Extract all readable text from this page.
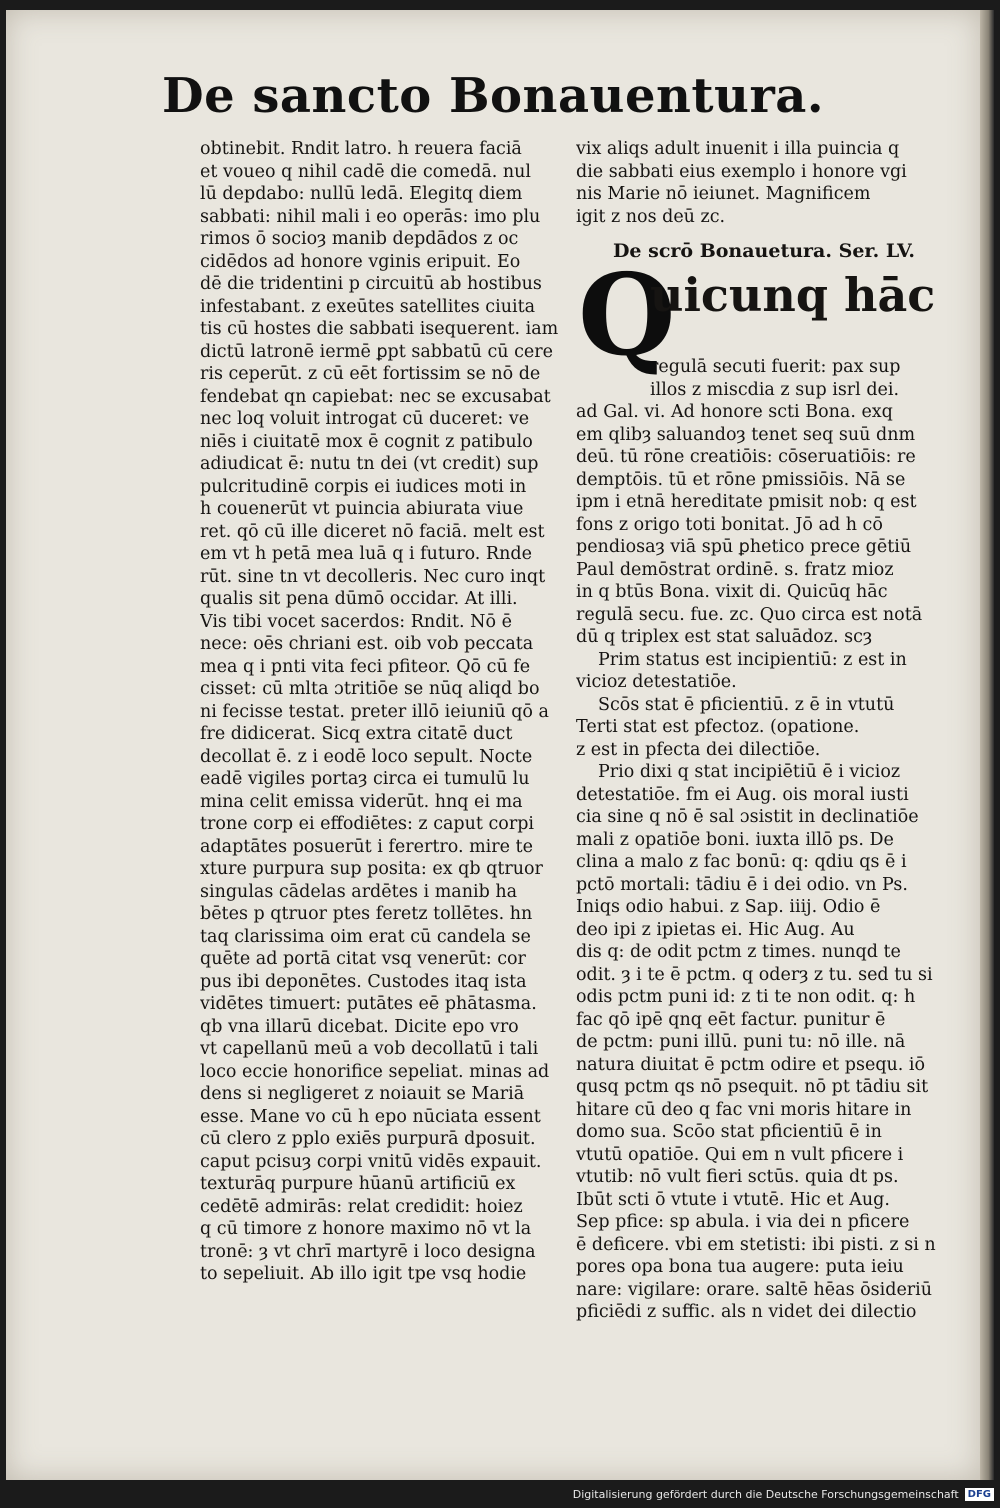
De sancto Bonauentura.
obtinebit. Rndit latro. h reuera faciā
et voueo q nihil cadē die comedā. nul
lū depdabo: nullū ledā. Elegitq diem
sabbati: nihil mali i eo operās: imo plu
rimos ō socioȝ manib depdādos z oc
cidēdos ad honore vginis eripuit. Eo
dē die tridentini p circuitū ab hostibus
infestabant. z exeūtes satellites ciuita
tis cū hostes die sabbati isequerent. iam
dictū latronē iermē ꝑpt sabbatū cū cere
ris ceperūt. z cū eēt fortissim se nō de
fendebat qn capiebat: nec se excusabat
nec loq voluit introgat cū duceret: ve
niēs i ciuitatē mox ē cognit z patibulo
adiudicat ē: nutu tn dei (vt credit) sup
pulcritudinē corpis ei iudices moti in
h couenerūt vt puincia abiurata viue
ret. qō cū ille diceret nō faciā. melt est
em vt h petā mea luā q i futuro. Rnde
rūt. sine tn vt decolleris. Nec curo inqt
qualis sit pena dūmō occidar. At illi.
Vis tibi vocet sacerdos: Rndit. Nō ē
nece: oēs chriani est. oib vob peccata
mea q i pnti vita feci pfiteor. Qō cū fe
cisset: cū mlta ɔtritiōe se nūq aliqd bo
ni fecisse testat. preter illō ieiuniū qō a
fre didicerat. Sicq extra citatē duct
decollat ē. z i eodē loco sepult. Nocte
eadē vigiles portaȝ circa ei tumulū lu
mina celit emissa viderūt. hnq ei ma
trone corp ei effodiētes: z caput corpi
adaptātes posuerūt i ferertro. mire te
xture purpura sup posita: ex qb qtruor
singulas cādelas ardētes i manib ha
bētes p qtruor ptes feretz tollētes. hn
taq clarissima oim erat cū candela se
quēte ad portā citat vsq venerūt: cor
pus ibi deponētes. Custodes itaq ista
vidētes timuert: putātes eē phātasma.
qb vna illarū dicebat. Dicite epo vro
vt capellanū meū a vob decollatū i tali
loco eccie honorifice sepeliat. minas ad
dens si negligeret z noiauit se Mariā
esse. Mane vo cū h epo nūciata essent
cū clero z pplo exiēs purpurā dposuit.
caput pcisuȝ corpi vnitū vidēs expauit.
texturāq purpure hūanū artificiū ex
cedētē admirās: relat credidit: hoiez
q cū timore z honore maximo nō vt la
tronē: ȝ vt chrī martyrē i loco designa
to sepeliuit. Ab illo igit tpe vsq hodie
vix aliqs adult inuenit i illa puincia q
die sabbati eius exemplo i honore vgi
nis Marie nō ieiunet. Magnificem
igit z nos deū zc.
De scrō Bonauetura. Ser. LV.
Q
uicunq hāc
regulā secuti fuerit: pax sup
illos z miscdia z sup isrl dei.
ad Gal. vi. Ad honore scti Bona. exq
em qlibȝ saluandoȝ tenet seq suū dnm
deū. tū rōne creatiōis: cōseruatiōis: re
demptōis. tū et rōne pmissiōis. Nā se
ipm i etnā hereditate pmisit nob: q est
fons z origo toti bonitat. Jō ad h cō
pendiosaȝ viā spū ꝑhetico prece gētiū
Paul demōstrat ordinē. s. fratz mioz
in q btūs Bona. vixit di. Quicūq hāc
regulā secu. fue. zc. Quo circa est notā
dū q triplex est stat saluādoz. scȝ
Prim status est incipientiū: z est in
vicioz detestatiōe.
Scōs stat ē pficientiū. z ē in vtutū
Terti stat est pfectoz. (opatione.
z est in pfecta dei dilectiōe.
Prio dixi q stat incipiētiū ē i vicioz
detestatiōe. fm ei Aug. ois moral iusti
cia sine q nō ē sal ɔsistit in declinatiōe
mali z opatiōe boni. iuxta illō ps. De
clina a malo z fac bonū: q: qdiu qs ē i
pctō mortali: tādiu ē i dei odio. vn Ps.
Iniqs odio habui. z Sap. iiij. Odio ē
deo ipi z ipietas ei. Hic Aug. Au
dis q: de odit pctm z times. nunqd te
odit. ȝ i te ē pctm. q oderȝ z tu. sed tu si
odis pctm puni id: z ti te non odit. q: h
fac qō ipē qnq eēt factur. punitur ē
de pctm: puni illū. puni tu: nō ille. nā
natura diuitat ē pctm odire et psequ. iō
qusq pctm qs nō psequit. nō pt tādiu sit
hitare cū deo q fac vni moris hitare in
domo sua. Scōo stat pficientiū ē in
vtutū opatiōe. Qui em n vult pficere i
vtutib: nō vult fieri sctūs. quia dt ps.
Ibūt scti ō vtute i vtutē. Hic et Aug.
Sep pfice: sp abula. i via dei n pficere
ē deficere. vbi em stetisti: ibi pisti. z si n
pores opa bona tua augere: puta ieiu
nare: vigilare: orare. saltē hēas ōsideriū
pficiēdi z suffic. als n videt dei dilectio
Digitalisierung gefördert durch die Deutsche Forschungsgemeinschaft DFG
